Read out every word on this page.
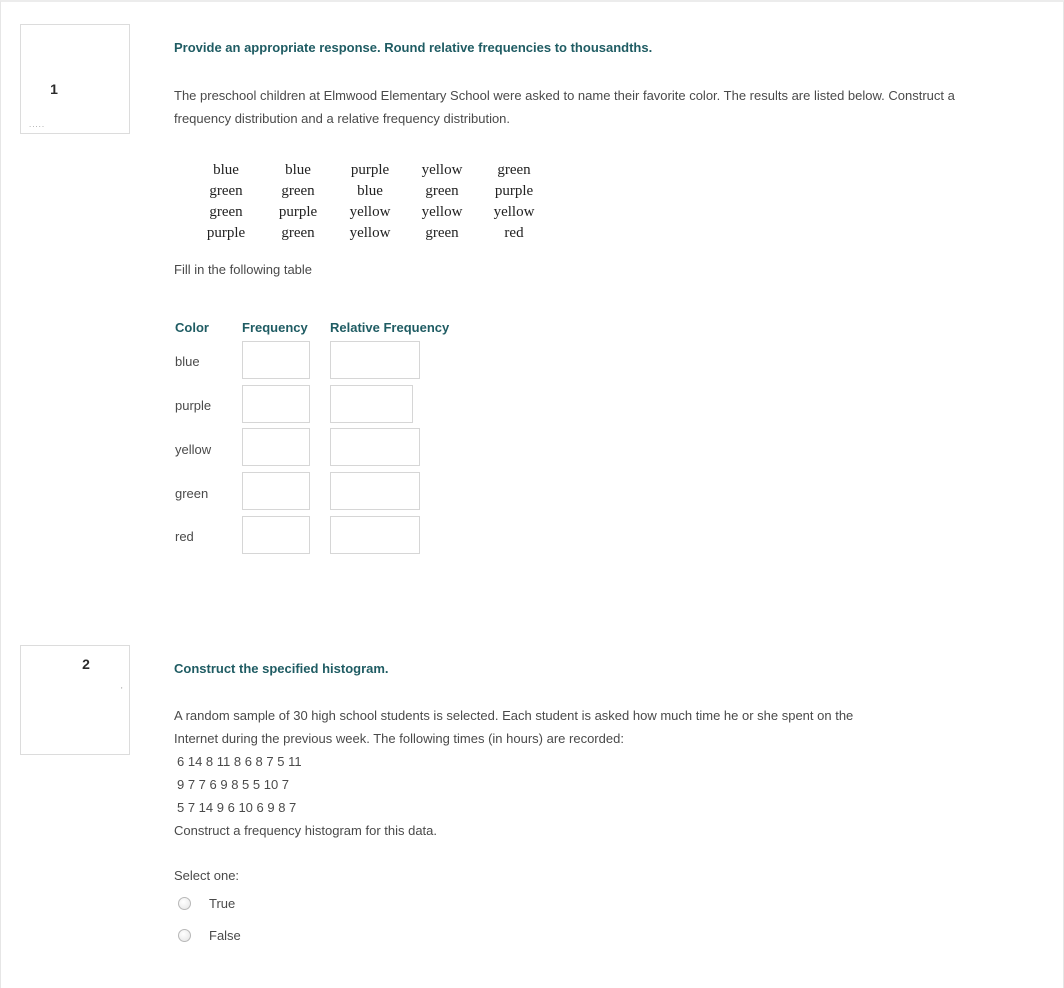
1
.....
Provide an appropriate response. Round relative frequencies to thousandths.
The preschool children at Elmwood Elementary School were asked to name their favorite color. The results are listed below. Construct a frequency distribution and a relative frequency distribution.
blue	blue	purple	yellow	green
green	green	blue	green	purple
green	purple	yellow	yellow	yellow
purple	green	yellow	green	red
Fill in the following table
Color	Frequency Relative Frequency
blue
purple
yellow
green
red
2
'
Construct the specified histogram.
A random sample of 30 high school students is selected. Each student is asked how much time he or she spent on the
Internet during the previous week. The following times (in hours) are recorded:
6 14 8 11 8 6 8 7 5 11
9 7 7 6 9 8 5 5 10 7
5 7 14 9 6 10 6 9 8 7
Construct a frequency histogram for this data.
Select one:
True
False
